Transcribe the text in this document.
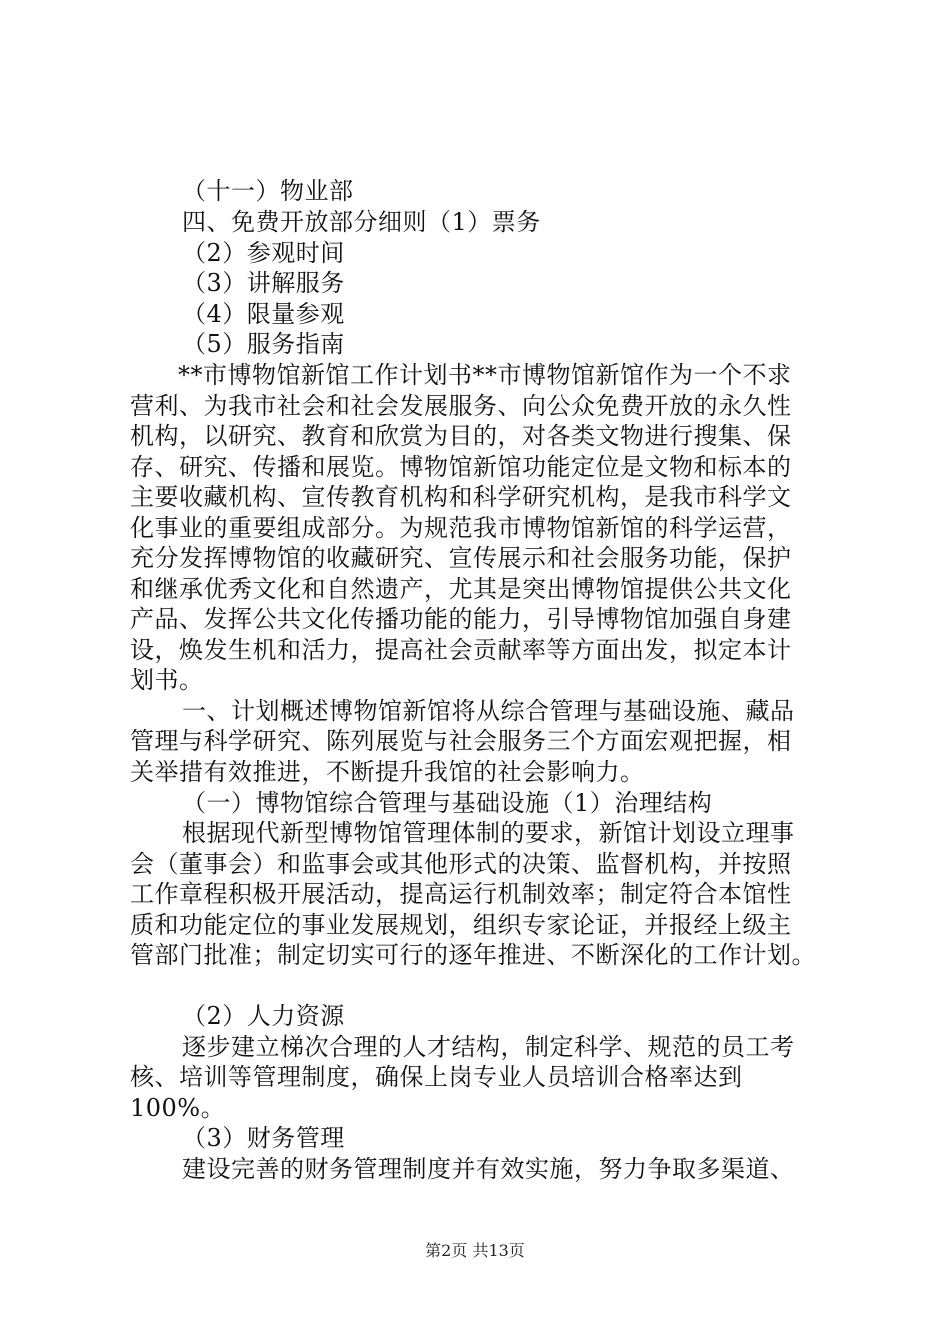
（十一）物业部
四、免费开放部分细则（1）票务
（2）参观时间
（3）讲解服务
（4）限量参观
（5）服务指南
**市博物馆新馆工作计划书**市博物馆新馆作为一个不求
营利、为我市社会和社会发展服务、向公众免费开放的永久性
机构，以研究、教育和欣赏为目的，对各类文物进行搜集、保
存、研究、传播和展览。博物馆新馆功能定位是文物和标本的
主要收藏机构、宣传教育机构和科学研究机构，是我市科学文
化事业的重要组成部分。为规范我市博物馆新馆的科学运营，
充分发挥博物馆的收藏研究、宣传展示和社会服务功能，保护
和继承优秀文化和自然遗产，尤其是突出博物馆提供公共文化
产品、发挥公共文化传播功能的能力，引导博物馆加强自身建
设，焕发生机和活力，提高社会贡献率等方面出发，拟定本计
划书。
一、计划概述博物馆新馆将从综合管理与基础设施、藏品
管理与科学研究、陈列展览与社会服务三个方面宏观把握，相
关举措有效推进，不断提升我馆的社会影响力。
（一）博物馆综合管理与基础设施（1）治理结构
根据现代新型博物馆管理体制的要求，新馆计划设立理事
会（董事会）和监事会或其他形式的决策、监督机构，并按照
工作章程积极开展活动，提高运行机制效率；制定符合本馆性
质和功能定位的事业发展规划，组织专家论证，并报经上级主
管部门批准；制定切实可行的逐年推进、不断深化的工作计划。
（2）人力资源
逐步建立梯次合理的人才结构，制定科学、规范的员工考
核、培训等管理制度，确保上岗专业人员培训合格率达到
100%。
（3）财务管理
建设完善的财务管理制度并有效实施，努力争取多渠道、
第2页 共13页
